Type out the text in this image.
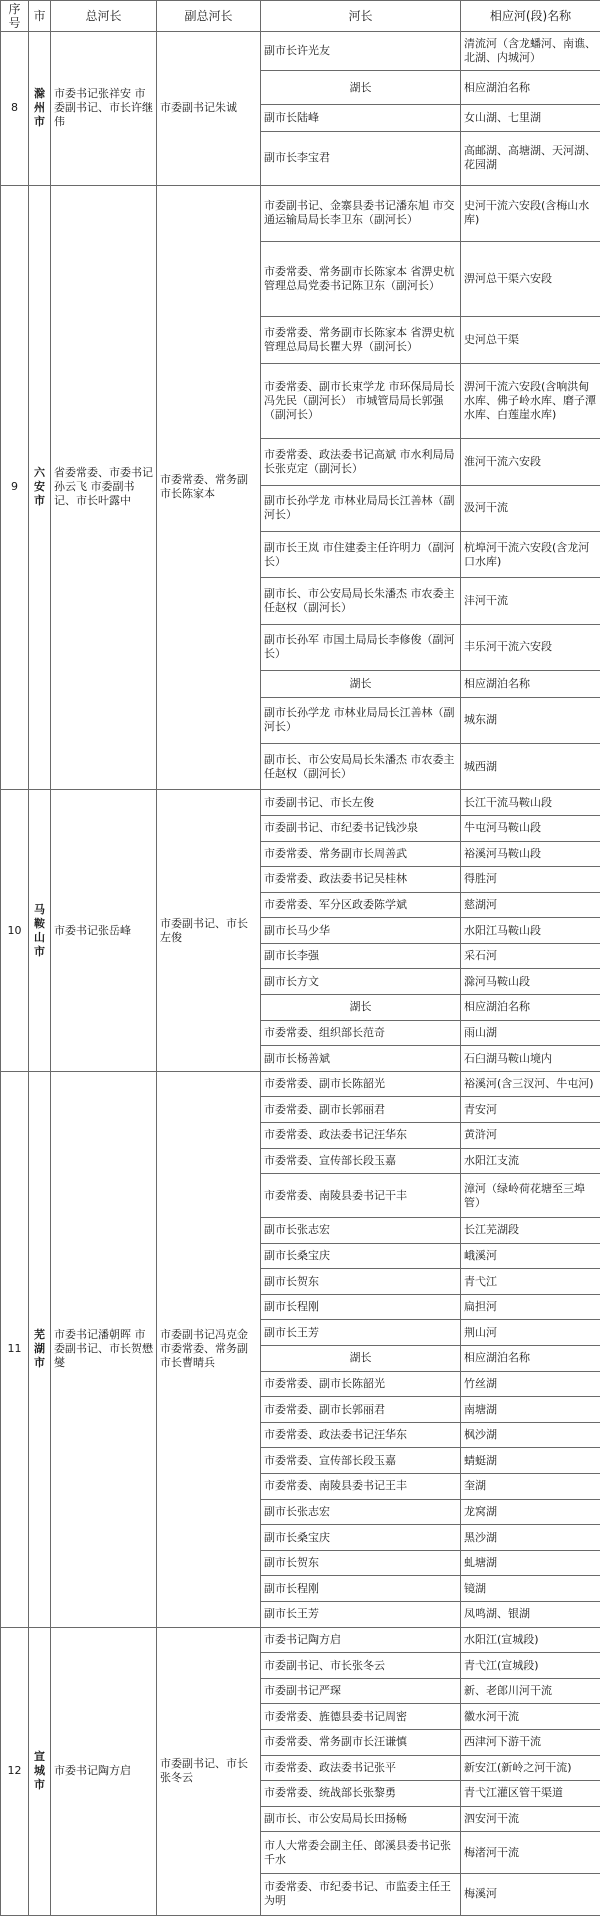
序号	市	总河长	副总河长	河长	相应河(段)名称
8	滁州市	市委书记张祥安 市委副书记、市长许继伟	市委副书记朱诚	副市长许光友	清流河（含龙蟠河、南谯、北湖、内城河）
				湖长	相应湖泊名称
				副市长陆峰	女山湖、七里湖
				副市长李宝君	高邮湖、高塘湖、天河湖、花园湖
9	六安市	省委常委、市委书记孙云飞 市委副书记、市长叶露中	市委常委、常务副市长陈家本	市委副书记、金寨县委书记潘东旭 市交通运输局局长李卫东（副河长）	史河干流六安段(含梅山水库)
				市委常委、常务副市长陈家本 省淠史杭管理总局党委书记陈卫东（副河长）	淠河总干渠六安段
				市委常委、常务副市长陈家本 省淠史杭管理总局局长瞿大界（副河长）	史河总干渠
				市委常委、副市长束学龙 市环保局局长冯先民（副河长） 市城管局局长郭强（副河长）	淠河干流六安段(含响洪甸水库、佛子岭水库、磨子潭水库、白莲崖水库)
				市委常委、政法委书记高斌 市水利局局长张克定（副河长）	淮河干流六安段
				副市长孙学龙 市林业局局长江善林（副河长）	汲河干流
				副市长王岚 市住建委主任许明力（副河长）	杭埠河干流六安段(含龙河口水库)
				副市长、市公安局局长朱潘杰 市农委主任赵权（副河长）	沣河干流
				副市长孙军 市国土局局长李修俊（副河长）	丰乐河干流六安段
				湖长	相应湖泊名称
				副市长孙学龙 市林业局局长江善林（副河长）	城东湖
				副市长、市公安局局长朱潘杰 市农委主任赵权（副河长）	城西湖
10	马鞍山市	市委书记张岳峰	市委副书记、市长左俊	市委副书记、市长左俊	长江干流马鞍山段
				市委副书记、市纪委书记钱沙泉	牛屯河马鞍山段
				市委常委、常务副市长周善武	裕溪河马鞍山段
				市委常委、政法委书记吴桂林	得胜河
				市委常委、军分区政委陈学斌	慈湖河
				副市长马少华	水阳江马鞍山段
				副市长李强	采石河
				副市长方文	滁河马鞍山段
				湖长	相应湖泊名称
				市委常委、组织部长范奇	雨山湖
				副市长杨善斌	石臼湖马鞍山境内
11	芜湖市	市委书记潘朝晖 市委副书记、市长贺懋燮	市委副书记冯克金 市委常委、常务副市长曹晴兵	市委常委、副市长陈韶光	裕溪河(含三汊河、牛屯河)
				市委常委、副市长郭丽君	青安河
				市委常委、政法委书记汪华东	黄浒河
				市委常委、宣传部长段玉嘉	水阳江支流
				市委常委、南陵县委书记干丰	漳河（绿岭荷花塘至三埠管）
				副市长张志宏	长江芜湖段
				副市长桑宝庆	峨溪河
				副市长贺东	青弋江
				副市长程刚	扁担河
				副市长王芳	荆山河
				湖长	相应湖泊名称
				市委常委、副市长陈韶光	竹丝湖
				市委常委、副市长郭丽君	南塘湖
				市委常委、政法委书记汪华东	枫沙湖
				市委常委、宣传部长段玉嘉	蜻蜓湖
				市委常委、南陵县委书记王丰	奎湖
				副市长张志宏	龙窝湖
				副市长桑宝庆	黑沙湖
				副市长贺东	虬塘湖
				副市长程刚	镜湖
				副市长王芳	凤鸣湖、银湖
12	宣城市	市委书记陶方启	市委副书记、市长张冬云	市委书记陶方启	水阳江(宣城段)
				市委副书记、市长张冬云	青弋江(宣城段)
				市委副书记严琛	新、老郎川河干流
				市委常委、旌德县委书记周密	徽水河干流
				市委常委、常务副市长汪谦慎	西津河下游干流
				市委常委、政法委书记张平	新安江(新岭之河干流)
				市委常委、统战部长张黎勇	青弋江灌区管干渠道
				副市长、市公安局局长田扬畅	泗安河干流
				市人大常委会副主任、郎溪县委书记张千水	梅渚河干流
				市委常委、市纪委书记、市监委主任王为明	梅溪河
